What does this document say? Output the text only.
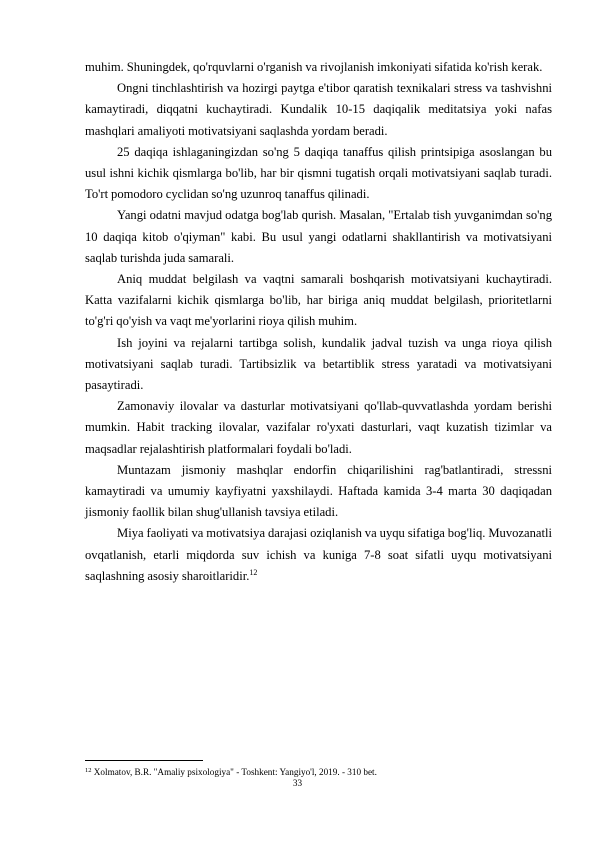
muhim. Shuningdek, qo'rquvlarni o'rganish va rivojlanish imkoniyati sifatida ko'rish kerak.

Ongni tinchlashtirish va hozirgi paytga e'tibor qaratish texnikalari stress va tashvishni kamaytiradi, diqqatni kuchaytiradi. Kundalik 10-15 daqiqalik meditatsiya yoki nafas mashqlari amaliyoti motivatsiyani saqlashda yordam beradi.

25 daqiqa ishlaganingizdan so'ng 5 daqiqa tanaffus qilish printsipiga asoslangan bu usul ishni kichik qismlarga bo'lib, har bir qismni tugatish orqali motivatsiyani saqlab turadi. To'rt pomodoro cyclidan so'ng uzunroq tanaffus qilinadi.

Yangi odatni mavjud odatga bog'lab qurish. Masalan, "Ertalab tish yuvganimdan so'ng 10 daqiqa kitob o'qiyman" kabi. Bu usul yangi odatlarni shakllantirish va motivatsiyani saqlab turishda juda samarali.

Aniq muddat belgilash va vaqtni samarali boshqarish motivatsiyani kuchaytiradi. Katta vazifalarni kichik qismlarga bo'lib, har biriga aniq muddat belgilash, prioritetlarni to'g'ri qo'yish va vaqt me'yorlarini rioya qilish muhim.

Ish joyini va rejalarni tartibga solish, kundalik jadval tuzish va unga rioya qilish motivatsiyani saqlab turadi. Tartibsizlik va betartiblik stress yaratadi va motivatsiyani pasaytiradi.

Zamonaviy ilovalar va dasturlar motivatsiyani qo'llab-quvvatlashda yordam berishi mumkin. Habit tracking ilovalar, vazifalar ro'yxati dasturlari, vaqt kuzatish tizimlar va maqsadlar rejalashtirish platformalari foydali bo'ladi.

Muntazam jismoniy mashqlar endorfin chiqarilishini rag'batlantiradi, stressni kamaytiradi va umumiy kayfiyatni yaxshilaydi. Haftada kamida 3-4 marta 30 daqiqadan jismoniy faollik bilan shug'ullanish tavsiya etiladi.

Miya faoliyati va motivatsiya darajasi oziqlanish va uyqu sifatiga bog'liq. Muvozanatli ovqatlanish, etarli miqdorda suv ichish va kuniga 7-8 soat sifatli uyqu motivatsiyani saqlashning asosiy sharoitlaridir.$^{12}$

$^{12}$ Xolmatov, B.R. "Amaliy psixologiya" - Toshkent: Yangiyo'l, 2019. - 310 bet.
33
